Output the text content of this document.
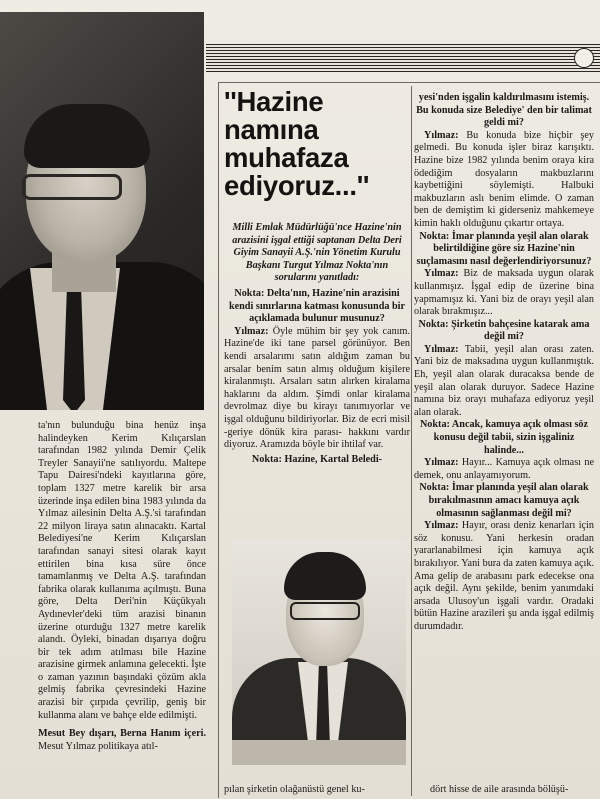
''Hazine namına muhafaza ediyoruz...''
Milli Emlak Müdürlüğü'nce Hazine'nin arazisini işgal ettiği saptanan Delta Deri Giyim Sanayii A.Ş.'nin Yönetim Kurulu Başkanı Turgut Yılmaz Nokta'nın sorularını yanıtladı:

ta'nın bulunduğu bina henüz inşa halindeyken Kerim Kılıçarslan tarafından 1982 yılında Demir Çelik Treyler Sanayii'ne satılıyordu. Maltepe Tapu Dairesi'ndeki kayıtlarına göre, toplam 1327 metre karelik bir arsa üzerinde inşa edilen bina 1983 yılında da Yılmaz ailesinin Delta A.Ş.'si tarafından 22 milyon liraya satın alınacaktı. Kartal Belediyesi'ne Kerim Kılıçarslan tarafından sanayi sitesi olarak kayıt ettirilen bina kısa süre önce tamamlanmış ve Delta A.Ş. tarafından fabrika olarak kullanıma açılmıştı. Buna göre, Delta Deri'nin Küçükyalı Aydınevler'deki tüm arazisi binanın üzerine oturduğu 1327 metre karelik alandı. Öyleki, binadan dışarıya doğru bir tek adım atılması bile Hazine arazisine girmek anlamına gelecekti. İşte o zaman yazının başındaki çözüm akla gelmiş fabrika çevresindeki Hazine arazisi bir çırpıda çevrilip, geniş bir kullanma alanı ve bahçe elde edilmişti.

Mesut Bey dışarı, Berna Hanım içeri. Mesut Yılmaz politikaya atıl-

Nokta: Delta'nın, Hazine'nin arazisini kendi sınırlarına katması konusunda bir açıklamada bulunur musunuz?

Yılmaz: Öyle mühim bir şey yok canım. Hazine'de iki tane parsel görünüyor. Ben kendi arsalarımı satın aldığım zaman bu arsalar benim satın almış olduğum kişilere kiralanmıştı. Arsaları satın alırken kiralama haklarını da aldım. Şimdi onlar kiralama devrolmaz diye bu kirayı tanımıyorlar ve işgal olduğunu bildiriyorlar. Biz de ecri misil -geriye dönük kira parası- hakkını vardır diyoruz. Aramızda böyle bir ihtilaf var.

Nokta: Hazine, Kartal Beledi-

pılan şirketin olağanüstü genel ku-

yesi'nden işgalin kaldırılmasını istemiş. Bu konuda size Belediye' den bir talimat geldi mi?

Yılmaz: Bu konuda bize hiçbir şey gelmedi. Bu konuda işler biraz karışıktı. Hazine bize 1982 yılında benim oraya kira ödediğim dosyaların makbuzlarını kaybettiğini söylemişti. Halbuki makbuzların aslı benim elimde. O zaman ben de demiştim ki giderseniz mahkemeye kimin haklı olduğunu çıkartır ortaya.

Nokta: İmar planında yeşil alan olarak belirtildiğine göre siz Hazine'nin suçlamasını nasıl değerlendiriyorsunuz?

Yılmaz: Biz de maksada uygun olarak kullanmışız. İşgal edip de üzerine bina yapmamışız ki. Yani biz de orayı yeşil alan olarak bırakmışız...

Nokta: Şirketin bahçesine katarak ama değil mi?

Yılmaz: Tabii, yeşil alan orası zaten. Yani biz de maksadına uygun kullanmıştık. Eh, yeşil alan olarak duracaksa bende de yeşil alan olarak duruyor. Sadece Hazine namına biz orayı muhafaza ediyoruz yeşil alan olarak.

Nokta: Ancak, kamuya açık olması söz konusu değil tabii, sizin işgaliniz halinde...

Yılmaz: Hayır... Kamuya açık olması ne demek, onu anlayamıyorum.

Nokta: İmar planında yeşil alan olarak bırakılmasının amacı kamuya açık olmasının sağlanması değil mi?

Yılmaz: Hayır, orası deniz kenarları için söz konusu. Yani herkesin oradan yararlanabilmesi için kamuya açık bırakılıyor. Yani bura da zaten kamuya açık. Ama gelip de arabasını park edecekse ona açık değil. Aynı şekilde, benim yanımdaki arsada Ulusoy'un işgali vardır. Oradaki bütün Hazine arazileri şu anda işgal edilmiş durumdadır.

dört hisse de aile arasında bölüşü-
